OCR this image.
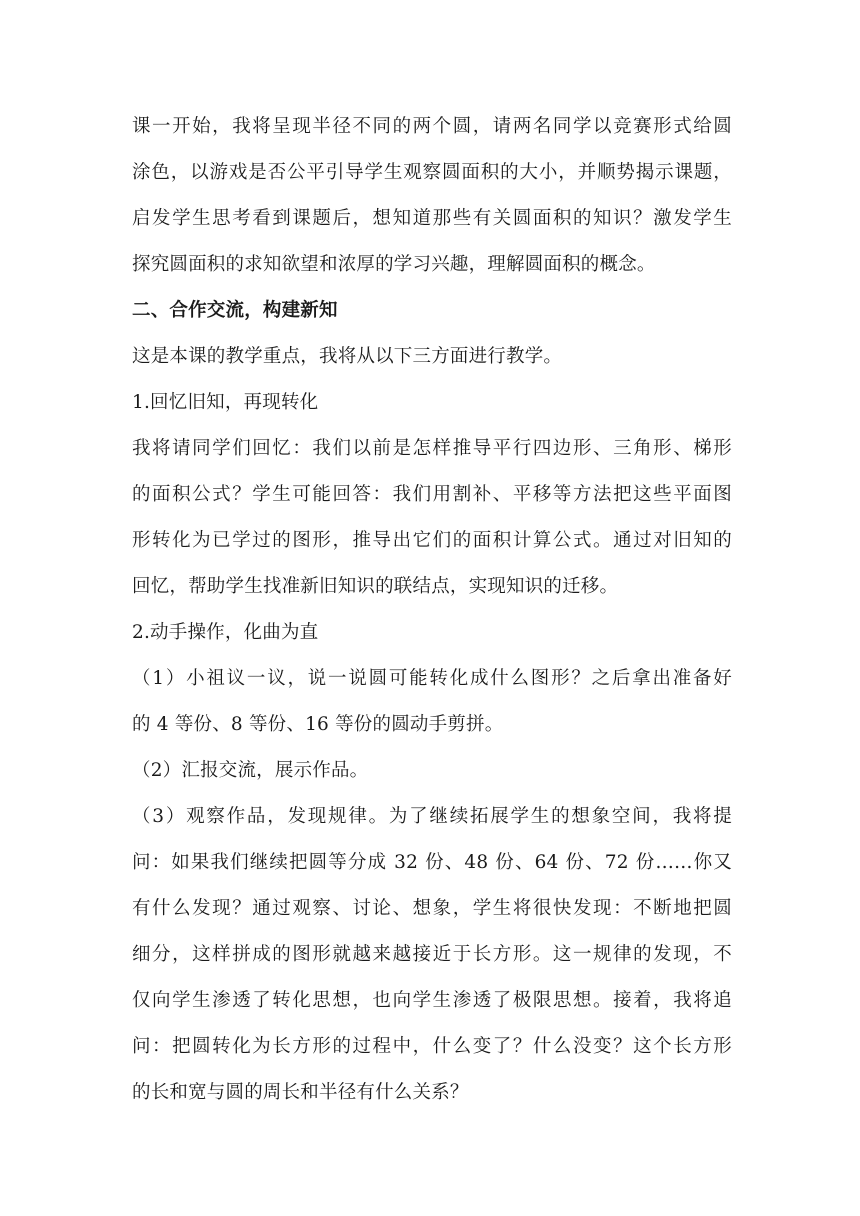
课一开始，我将呈现半径不同的两个圆，请两名同学以竞赛形式给圆
涂色，以游戏是否公平引导学生观察圆面积的大小，并顺势揭示课题，
启发学生思考看到课题后，想知道那些有关圆面积的知识？激发学生
探究圆面积的求知欲望和浓厚的学习兴趣，理解圆面积的概念。
二、合作交流，构建新知
这是本课的教学重点，我将从以下三方面进行教学。
1.回忆旧知，再现转化
我将请同学们回忆：我们以前是怎样推导平行四边形、三角形、梯形
的面积公式？学生可能回答：我们用割补、平移等方法把这些平面图
形转化为已学过的图形，推导出它们的面积计算公式。通过对旧知的
回忆，帮助学生找准新旧知识的联结点，实现知识的迁移。
2.动手操作，化曲为直
（1）小祖议一议，说一说圆可能转化成什么图形？之后拿出准备好
的 4 等份、8 等份、16 等份的圆动手剪拼。
（2）汇报交流，展示作品。
（3）观察作品，发现规律。为了继续拓展学生的想象空间，我将提
问：如果我们继续把圆等分成 32 份、48 份、64 份、72 份……你又
有什么发现？通过观察、讨论、想象，学生将很快发现：不断地把圆
细分，这样拼成的图形就越来越接近于长方形。这一规律的发现，不
仅向学生渗透了转化思想，也向学生渗透了极限思想。接着，我将追
问：把圆转化为长方形的过程中，什么变了？什么没变？这个长方形
的长和宽与圆的周长和半径有什么关系？
